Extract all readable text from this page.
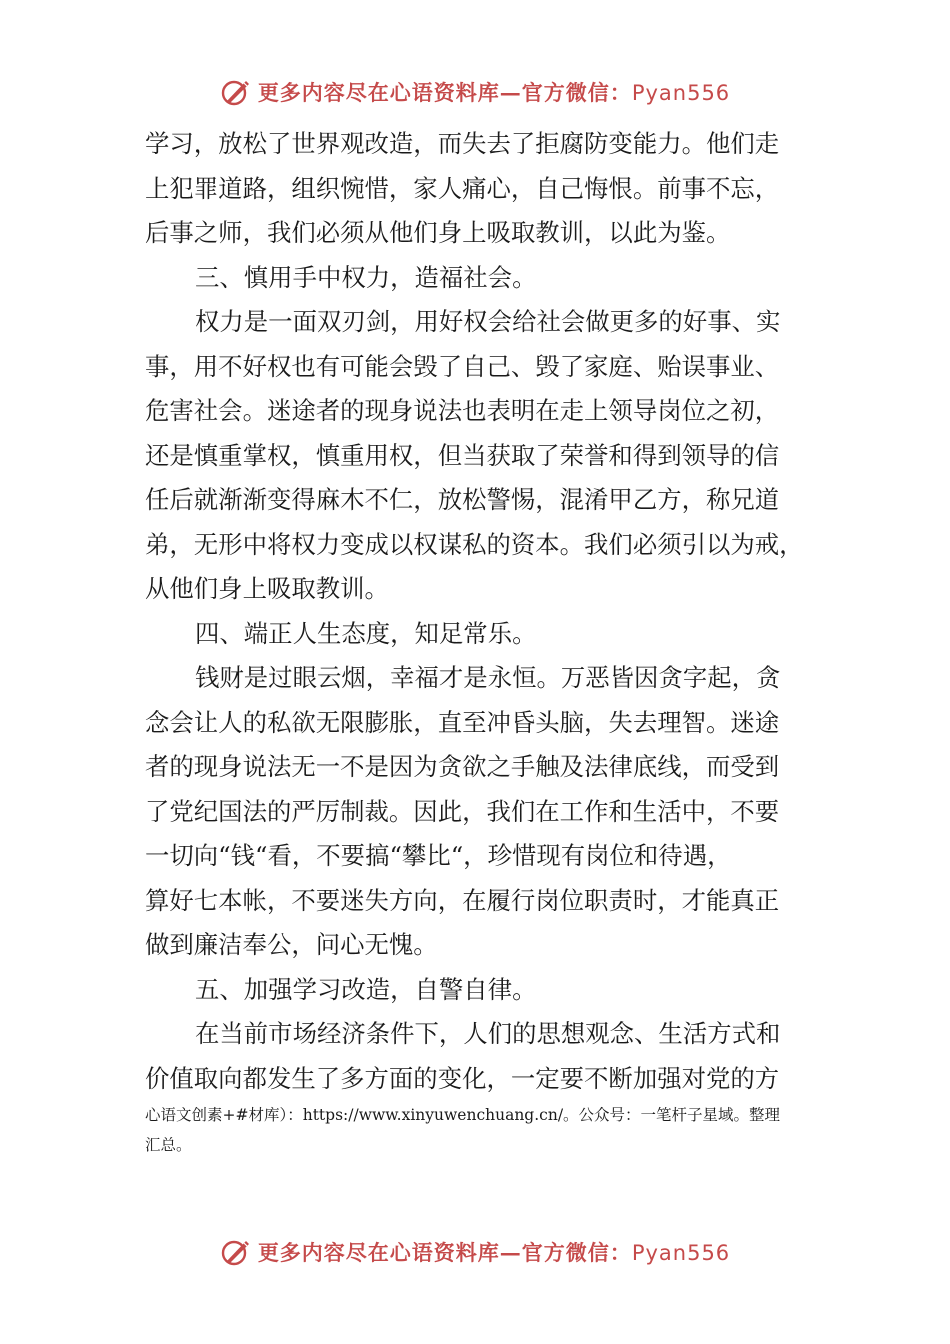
更多内容尽在心语资料库—官方微信：Pyan556
学习，放松了世界观改造，而失去了拒腐防变能力。他们走
上犯罪道路，组织惋惜，家人痛心，自己悔恨。前事不忘，
后事之师，我们必须从他们身上吸取教训，以此为鉴。
三、慎用手中权力，造福社会。
权力是一面双刃剑，用好权会给社会做更多的好事、实
事，用不好权也有可能会毁了自己、毁了家庭、贻误事业、
危害社会。迷途者的现身说法也表明在走上领导岗位之初，
还是慎重掌权，慎重用权，但当获取了荣誉和得到领导的信
任后就渐渐变得麻木不仁，放松警惕，混淆甲乙方，称兄道
弟，无形中将权力变成以权谋私的资本。我们必须引以为戒，
从他们身上吸取教训。
四、端正人生态度，知足常乐。
钱财是过眼云烟，幸福才是永恒。万恶皆因贪字起，贪
念会让人的私欲无限膨胀，直至冲昏头脑，失去理智。迷途
者的现身说法无一不是因为贪欲之手触及法律底线，而受到
了党纪国法的严厉制裁。因此，我们在工作和生活中，不要
一切向“钱“看，不要搞“攀比“，珍惜现有岗位和待遇，
算好七本帐，不要迷失方向，在履行岗位职责时，才能真正
做到廉洁奉公，问心无愧。
五、加强学习改造，自警自律。
在当前市场经济条件下，人们的思想观念、生活方式和
价值取向都发生了多方面的变化，一定要不断加强对党的方
心语文创素+#材库）：https://www.xinyuwenchuang.cn/。公众号：一笔杆子星域。整理
汇总。
更多内容尽在心语资料库—官方微信：Pyan556
